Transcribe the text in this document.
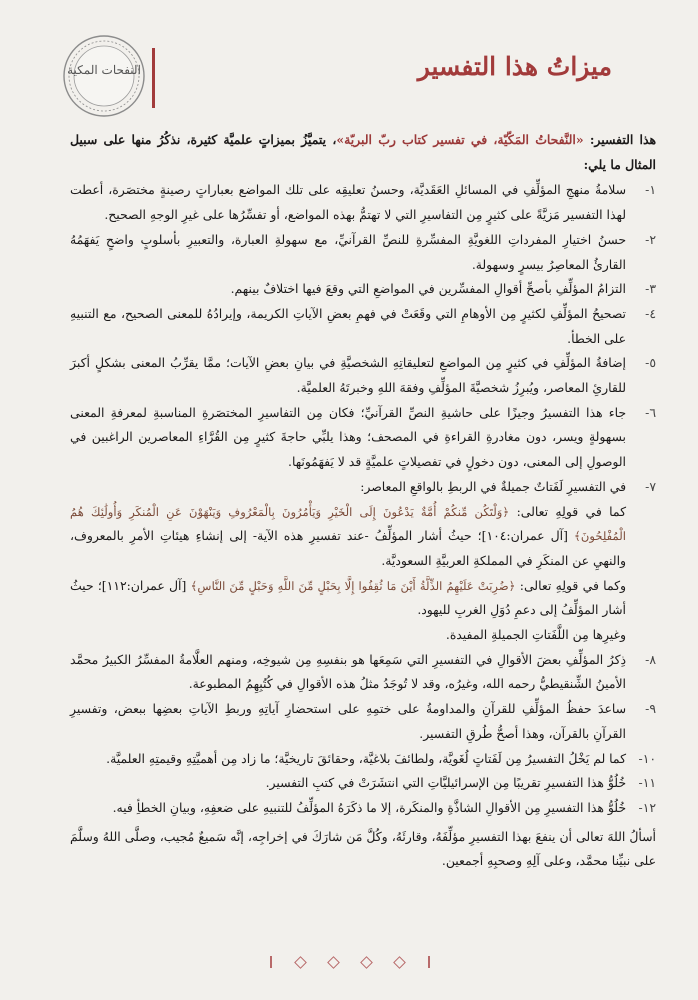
النفحات المكية	ميزاتُ هذا التفسير

هذا التفسير: «النَّفحاتُ المَكّيّة، في تفسير كتاب ربّ البريّة»، يتميَّزُ بميزاتٍ علميَّة كثيرة، نذكُرُ منها على سبيل المثال ما يلي:

١-
سلامةُ منهجِ المؤلِّفِ في المسائلِ العَقَديَّة، وحسنُ تعليقِه على تلك المواضع بعباراتٍ رصينةٍ مختصَرة، أعطت لهذا التفسير مَزيَّةً على كثيرٍ مِن التفاسيرِ التي لا تهتمُّ بهذه المواضع، أو تفسِّرُها على غيرِ الوجهِ الصحيح.
٢-
حسنُ اختيارِ المفرداتِ اللغويَّةِ المفسِّرةِ للنصِّ القرآنيِّ، مع سهولةِ العبارة، والتعبيرِ بأسلوبٍ واضحٍ يَفهَمُهُ القارئُ المعاصِرُ بيسرٍ وسهولة.
٣-
التزامُ المؤلِّفِ بأصحِّ أقوالِ المفسِّرين في المواضعِ التي وقعَ فيها اختلافٌ بينهم.
٤-
تصحيحُ المؤلِّفِ لكثيرٍ مِن الأوهامِ التي وقَعَتْ في فهمِ بعضِ الآياتِ الكريمة، وإيرادُهُ للمعنى الصحيح، مع التنبيهِ على الخطأ.
٥-
إضافةُ المؤلِّفِ في كثيرٍ مِن المواضعِ لتعليقاتِهِ الشخصيَّةِ في بيانِ بعضِ الآيات؛ ممَّا يقرِّبُ المعنى بشكلٍ أكبرَ للقارئِ المعاصر، ويُبرِزُ شخصيَّةَ المؤلِّفِ وفقهَ اللهِ وخبرتَهُ العلميَّة.
٦-
جاء هذا التفسيرُ وجيزًا على حاشيةِ النصِّ القرآنيِّ؛ فكان مِن التفاسيرِ المختصَرةِ المناسبةِ لمعرفةِ المعنى بسهولةٍ ويسر، دون مغادرةِ القراءةِ في المصحف؛ وهذا يلبِّي حاجةَ كثيرٍ مِن القُرَّاءِ المعاصرين الراغبين في الوصولِ إلى المعنى، دون دخولٍ في تفصيلاتٍ علميَّةٍ قد لا يَفهَمُونَها.
٧-
في التفسيرِ لَفَتاتٌ جميلةٌ في الربطِ بالواقعِ المعاصر:

كما في قولِهِ تعالى: ﴿وَلْتَكُن مِّنكُمْ أُمَّةٌ يَدْعُونَ إِلَى الْخَيْرِ وَيَأْمُرُونَ بِالْمَعْرُوفِ وَيَنْهَوْنَ عَنِ الْمُنكَرِ وَأُولَٰئِكَ هُمُ الْمُفْلِحُونَ﴾ [آل عمران:١٠٤]؛ حيثُ أشار المؤلِّفُ -عند تفسيرِ هذه الآية- إلى إنشاءِ هيئاتِ الأمرِ بالمعروف، والنهيِ عن المنكَرِ في المملكةِ العربيَّةِ السعوديَّة.

وكما في قولِهِ تعالى: ﴿ضُرِبَتْ عَلَيْهِمُ الذِّلَّةُ أَيْنَ مَا ثُقِفُوا إِلَّا بِحَبْلٍ مِّنَ اللَّهِ وَحَبْلٍ مِّنَ النَّاسِ﴾ [آل عمران:١١٢]؛ حيثُ أشار المؤلِّفُ إلى دعمِ دُوَلِ الغربِ لليهود.

وغيرِها مِن اللَّفَتاتِ الجميلةِ المفيدة.

٨-
ذِكرُ المؤلِّفِ بعضَ الأقوالِ في التفسيرِ التي سَمِعَها هو بنفسِهِ مِن شيوخِه، ومنهم العلَّامةُ المفسِّرُ الكبيرُ محمَّد الأمينُ الشِّنقيطيُّ رحمه الله، وغيرُه، وقد لا تُوجَدُ مثلُ هذه الأقوالِ في كُتُبِهِمُ المطبوعة.
٩-
ساعدَ حفظُ المؤلِّفِ للقرآنِ والمداومةُ على ختمِهِ على استحضارِ آياتِهِ وربطِ الآياتِ بعضِها ببعض، وتفسيرِ القرآنِ بالقرآن، وهذا أصحُّ طُرقِ التفسير.
١٠-
كما لم يَخْلُ التفسيرُ مِن لَفَتاتٍ لُغَويَّة، ولطائفَ بلاغيَّة، وحقائقَ تاريخيَّة؛ ما زاد مِن أهميَّتِهِ وقيمتِهِ العلميَّة.
١١-
خُلُوُّ هذا التفسيرِ تقريبًا مِن الإسرائيليَّاتِ التي انتشَرَتْ في كتبِ التفسير.
١٢-
خُلُوُّ هذا التفسيرِ مِن الأقوالِ الشاذَّةِ والمنكَرة، إلا ما ذكَرَهُ المؤلِّفُ للتنبيهِ على ضعفِهِ، وبيانِ الخطأِ فيه.

أسألُ اللهَ تعالى أن ينفعَ بهذا التفسيرِ مؤلِّفَهُ، وقارئَهُ، وكُلَّ مَن شارَكَ في إخراجِه، إنَّه سَميعٌ مُجيب، وصلَّى اللهُ وسلَّمَ على نبيِّنا محمَّد، وعلى آلِهِ وصحبِهِ أجمعين.
